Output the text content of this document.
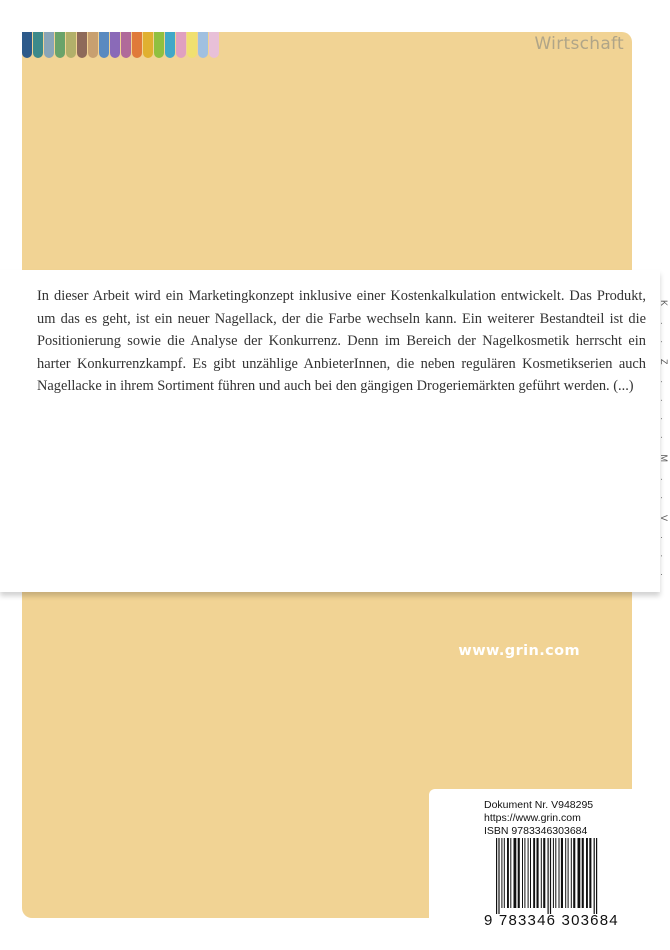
Wirtschaft
www.grin.com
Dokument Nr. V948295
https://www.grin.com
ISBN 9783346303684
9 783346 303684

In dieser Arbeit wird ein Marketingkonzept inklusive einer Kostenkalkulation entwickelt. Das Produkt, um das es geht, ist ein neuer Nagellack, der die Farbe wechseln kann. Ein weiterer Bestandteil ist die Positionierung sowie die Analyse der Konkurrenz. Denn im Bereich der Nagelkosmetik herrscht ein harter Konkurrenzkampf. Es gibt unzählige AnbieterInnen, die neben regulären Kosmetikserien auch Nagellacke in ihrem Sortiment führen und auch bei den gängigen Drogeriemärkten geführt werden. (...)	K..Z....M..V...
